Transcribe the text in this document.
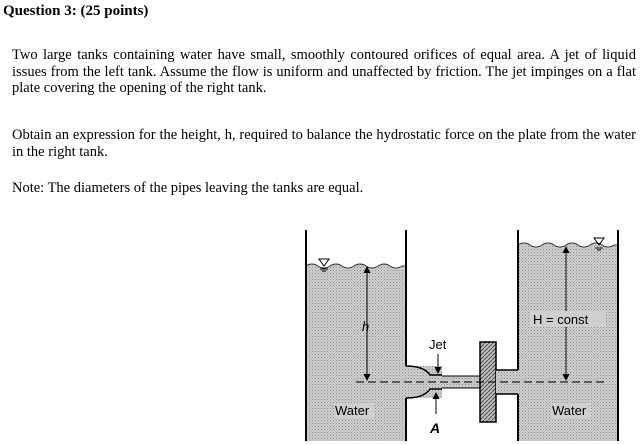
Question 3: (25 points)
Two large tanks containing water have small, smoothly contoured orifices of equal area. A jet of liquid issues from the left tank. Assume the flow is uniform and unaffected by friction. The jet impinges on a flat plate covering the opening of the right tank.
Obtain an expression for the height, h, required to balance the hydrostatic force on the plate from the water in the right tank.
Note: The diameters of the pipes leaving the tanks are equal.
h	H = const
Jet
A
Water	Water
